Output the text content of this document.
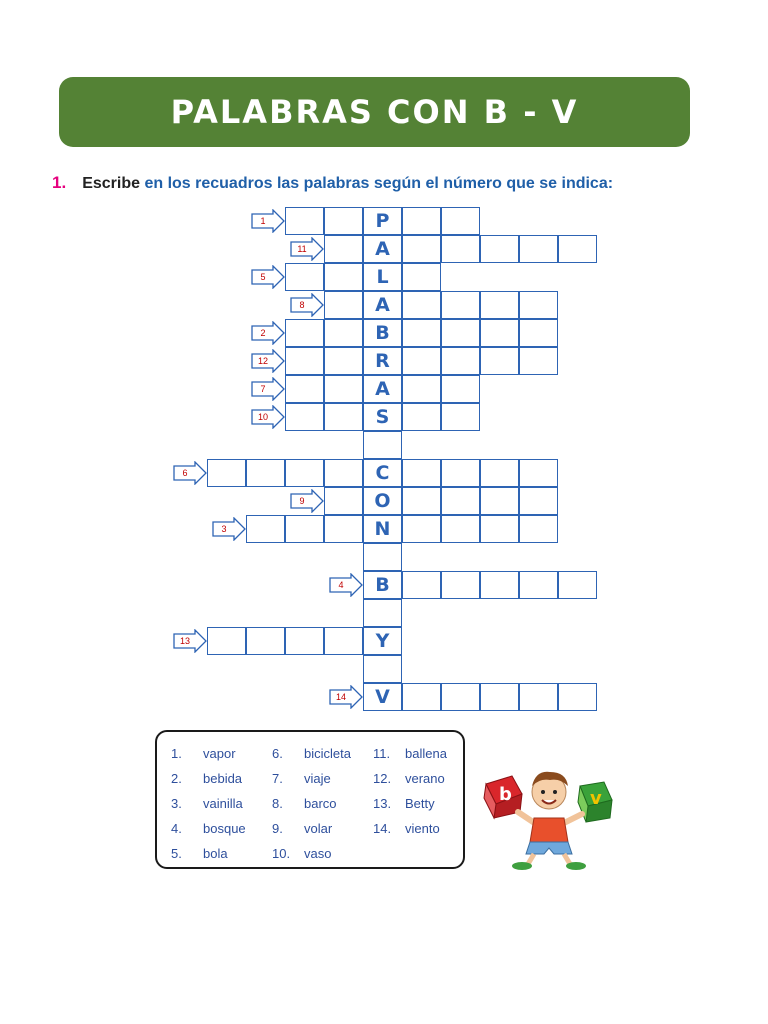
PALABRAS CON B - V
1. Escribe en los recuadros las palabras según el número que se indica:
P
1
A
11
L
5
A
8
B
2
R
12
A
7
S
10
C
6
O
9
N
3
B
4
Y
13
V
14
1. vapor
2. bebida
3. vainilla
4. bosque
5. bola
6. bicicleta
7. viaje
8. barco
9. volar
10. vaso
11. ballena
12. verano
13. Betty
14. viento
b	v
